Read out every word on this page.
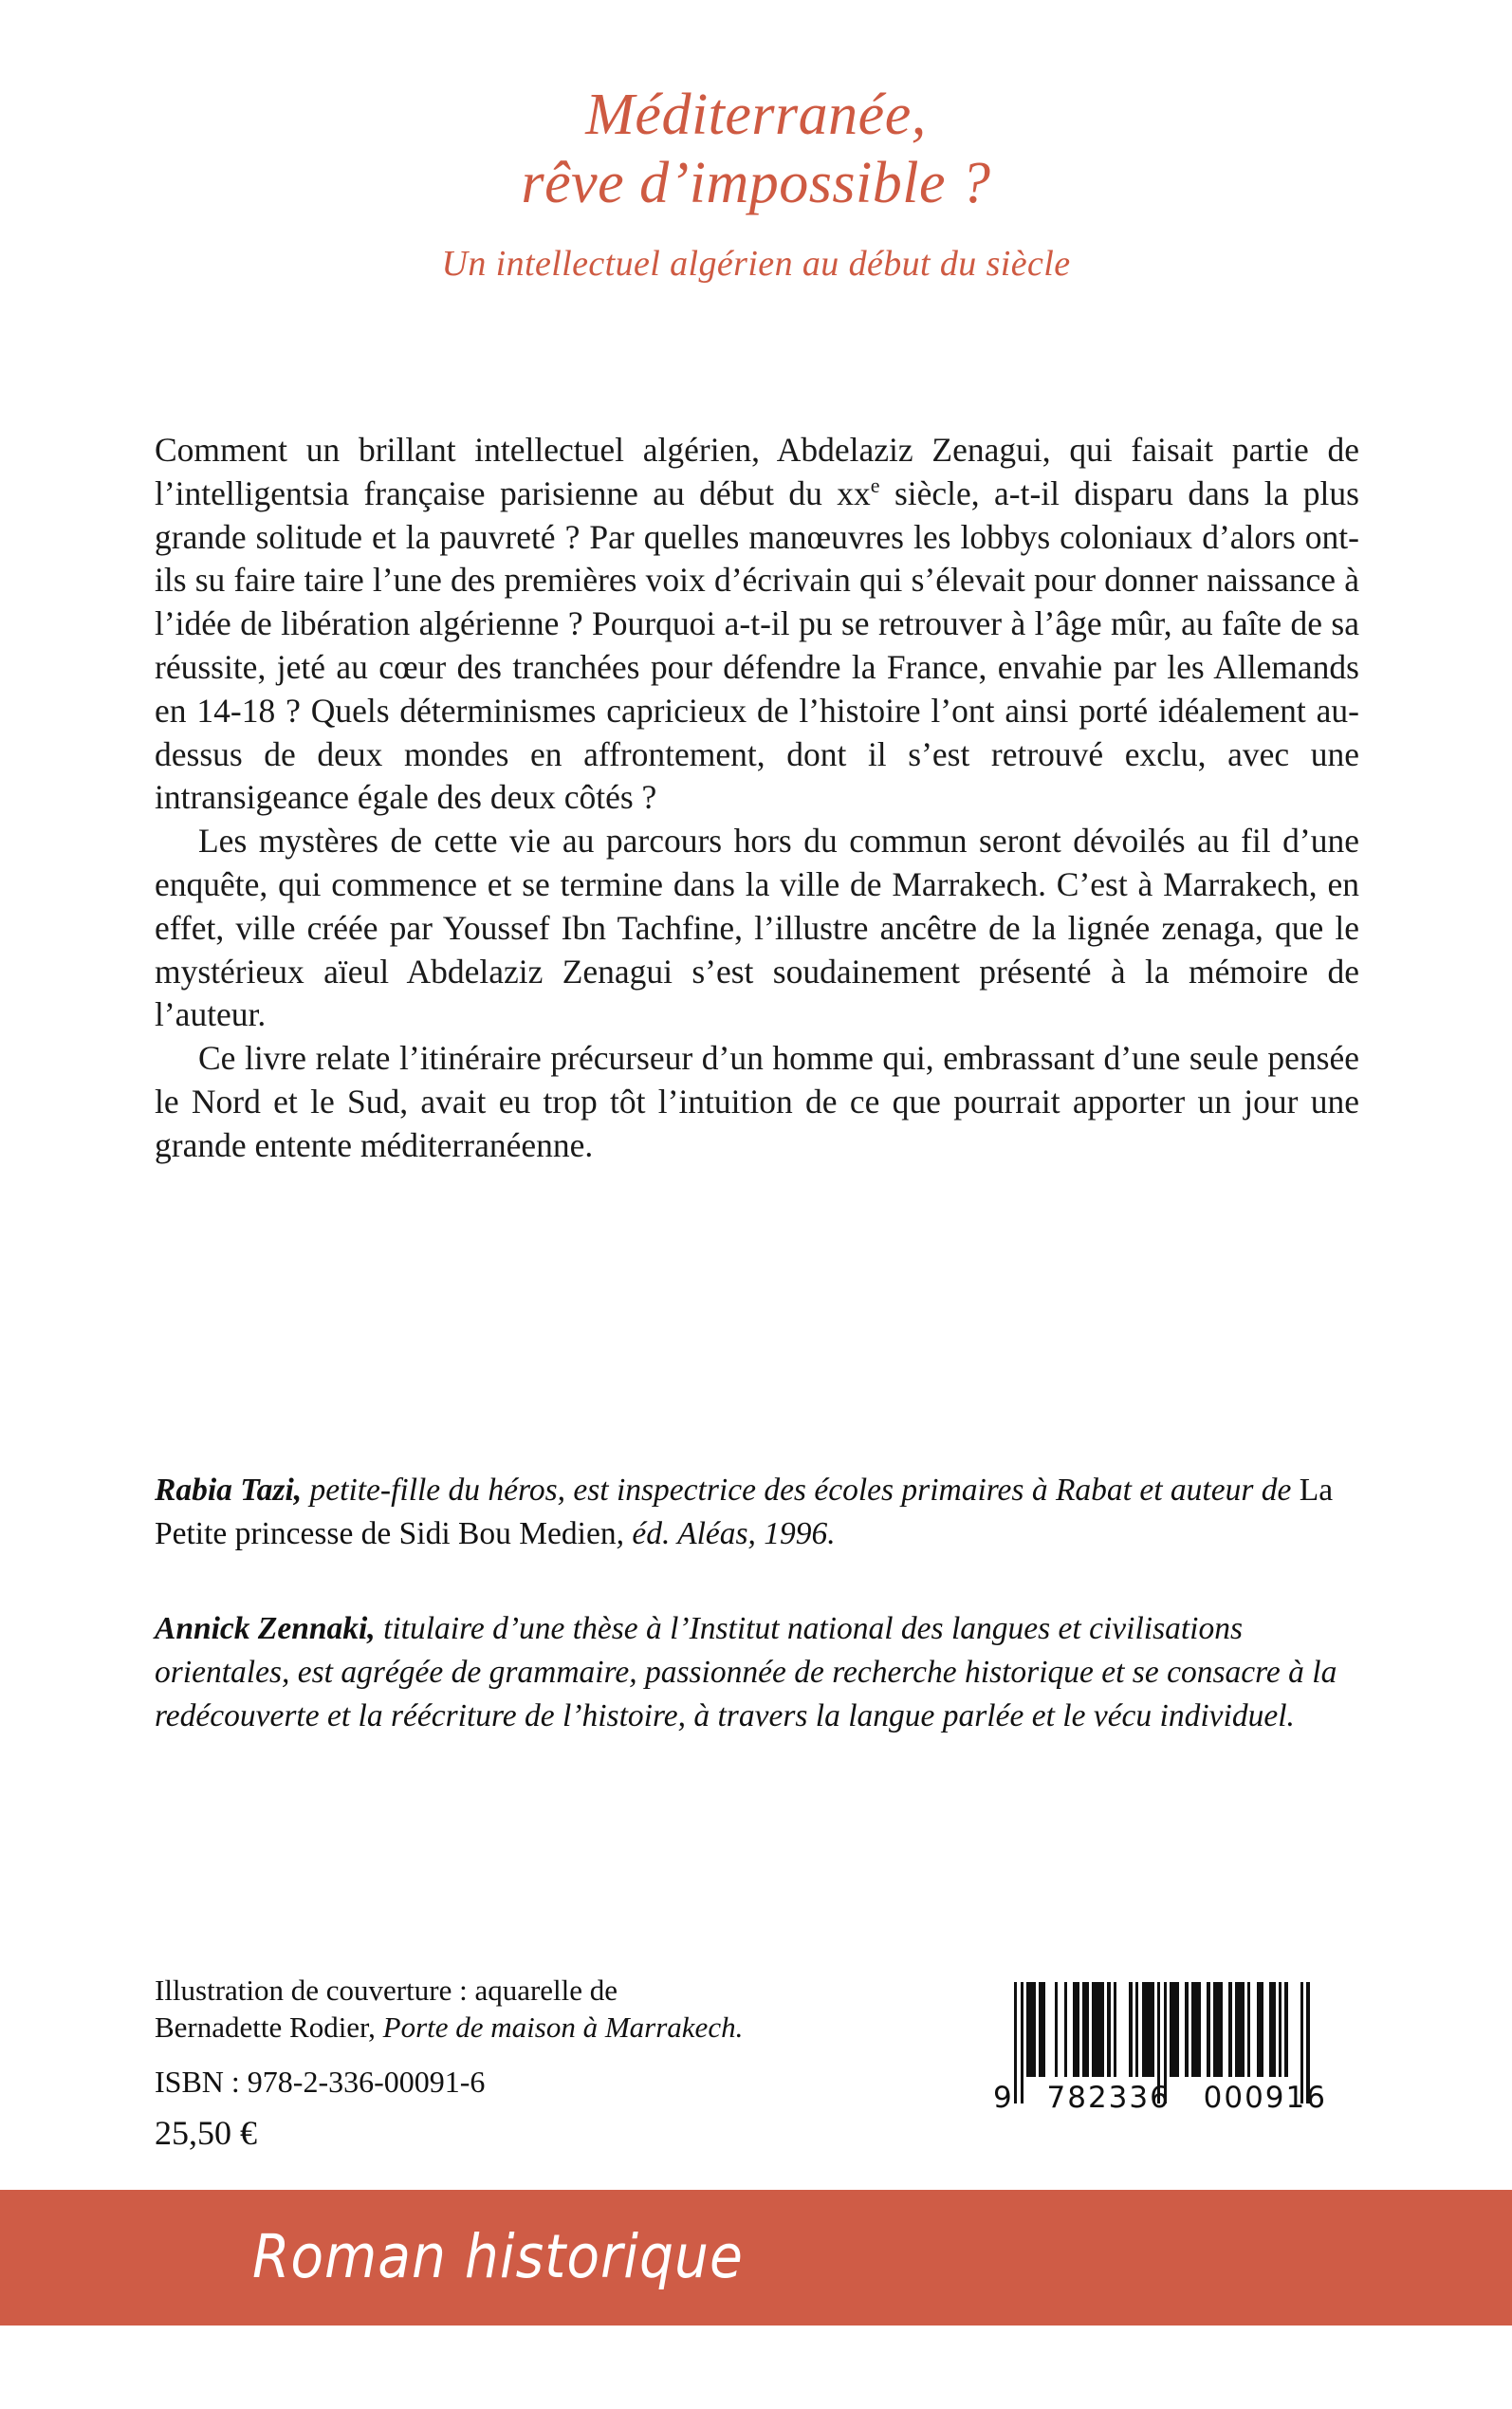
Méditerranée,
rêve d’impossible ?
Un intellectuel algérien au début du siècle

Comment un brillant intellectuel algérien, Abdelaziz Zenagui, qui faisait partie de l’intelligentsia française parisienne au début du $xx^e$ siècle, a-t-il disparu dans la plus grande solitude et la pauvreté ? Par quelles manœuvres les lobbys coloniaux d’alors ont-ils su faire taire l’une des premières voix d’écrivain qui s’élevait pour donner naissance à l’idée de libération algérienne ? Pourquoi a-t-il pu se retrouver à l’âge mûr, au faîte de sa réussite, jeté au cœur des tranchées pour défendre la France, envahie par les Allemands en 14-18 ? Quels déterminismes capricieux de l’histoire l’ont ainsi porté idéalement au-dessus de deux mondes en affrontement, dont il s’est retrouvé exclu, avec une intransigeance égale des deux côtés ?

Les mystères de cette vie au parcours hors du commun seront dévoilés au fil d’une enquête, qui commence et se termine dans la ville de Marrakech. C’est à Marrakech, en effet, ville créée par Youssef Ibn Tachfine, l’illustre ancêtre de la lignée zenaga, que le mystérieux aïeul Abdelaziz Zenagui s’est soudainement présenté à la mémoire de l’auteur.

Ce livre relate l’itinéraire précurseur d’un homme qui, embrassant d’une seule pensée le Nord et le Sud, avait eu trop tôt l’intuition de ce que pourrait apporter un jour une grande entente méditerranéenne.

Rabia Tazi, petite-fille du héros, est inspectrice des écoles primaires à Rabat et auteur de La Petite princesse de Sidi Bou Medien, éd. Aléas, 1996.

Annick Zennaki, titulaire d’une thèse à l’Institut national des langues et civilisations orientales, est agrégée de grammaire, passionnée de recherche historique et se consacre à la redécouverte et la réécriture de l’histoire, à travers la langue parlée et le vécu individuel.

Illustration de couverture : aquarelle de

Bernadette Rodier, Porte de maison à Marrakech.

ISBN : 978-2-336-00091-6

25,50 €

9 782336 000916
Roman historique
